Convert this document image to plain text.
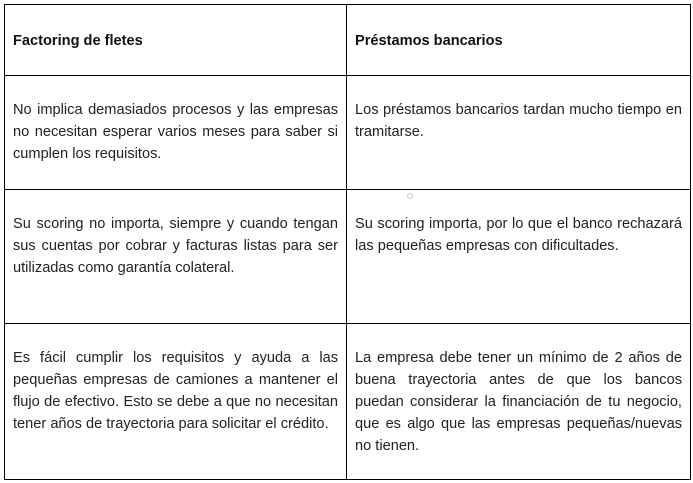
Factoring de fletes	Préstamos bancarios
No implica demasiados procesos y las empresas no necesitan esperar varios meses para saber si cumplen los requisitos.	Los préstamos bancarios tardan mucho tiempo en tramitarse.
Su scoring no importa, siempre y cuando tengan sus cuentas por cobrar y facturas listas para ser utilizadas como garantía colateral.	Su scoring importa, por lo que el banco rechazará las pequeñas empresas con dificultades.
Es fácil cumplir los requisitos y ayuda a las pequeñas empresas de camiones a mantener el flujo de efectivo. Esto se debe a que no necesitan tener años de trayectoria para solicitar el crédito.	La empresa debe tener un mínimo de 2 años de buena trayectoria antes de que los bancos puedan considerar la financiación de tu negocio, que es algo que las empresas pequeñas/nuevas no tienen.
